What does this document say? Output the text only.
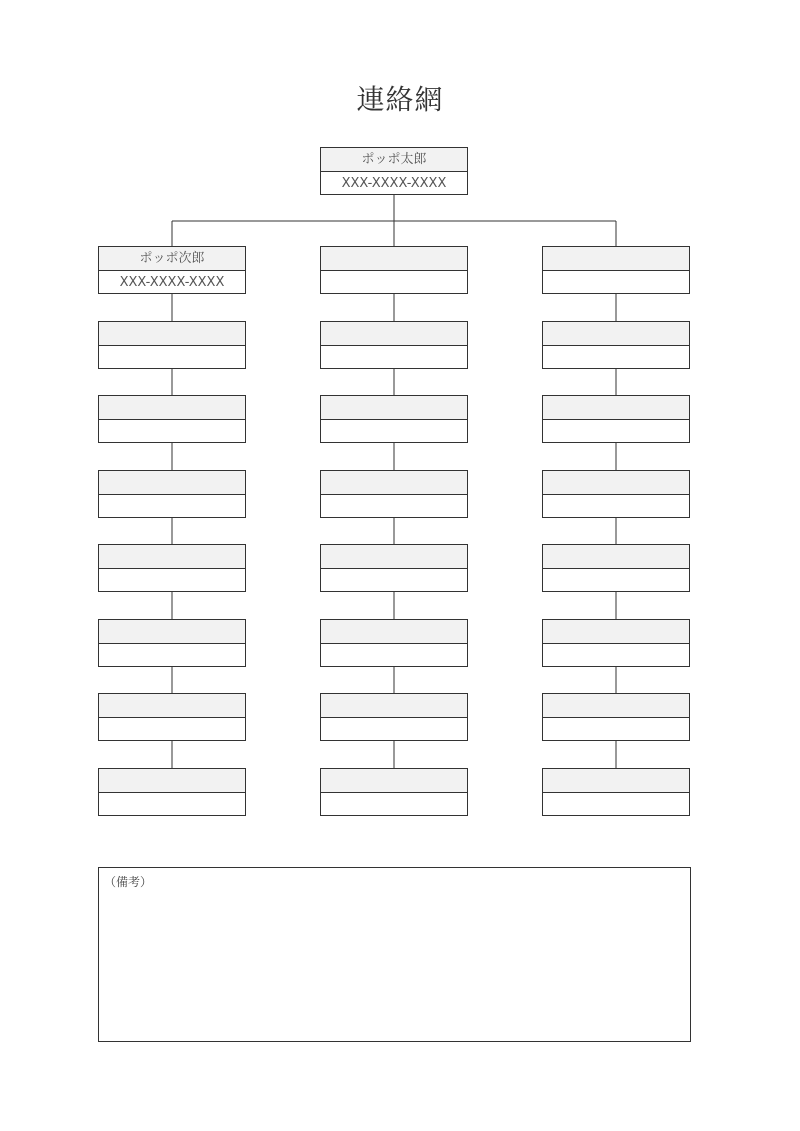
連絡網
ポッポ太郎
XXX-XXXX-XXXX
ポッポ次郎
XXX-XXXX-XXXX
（備考）
